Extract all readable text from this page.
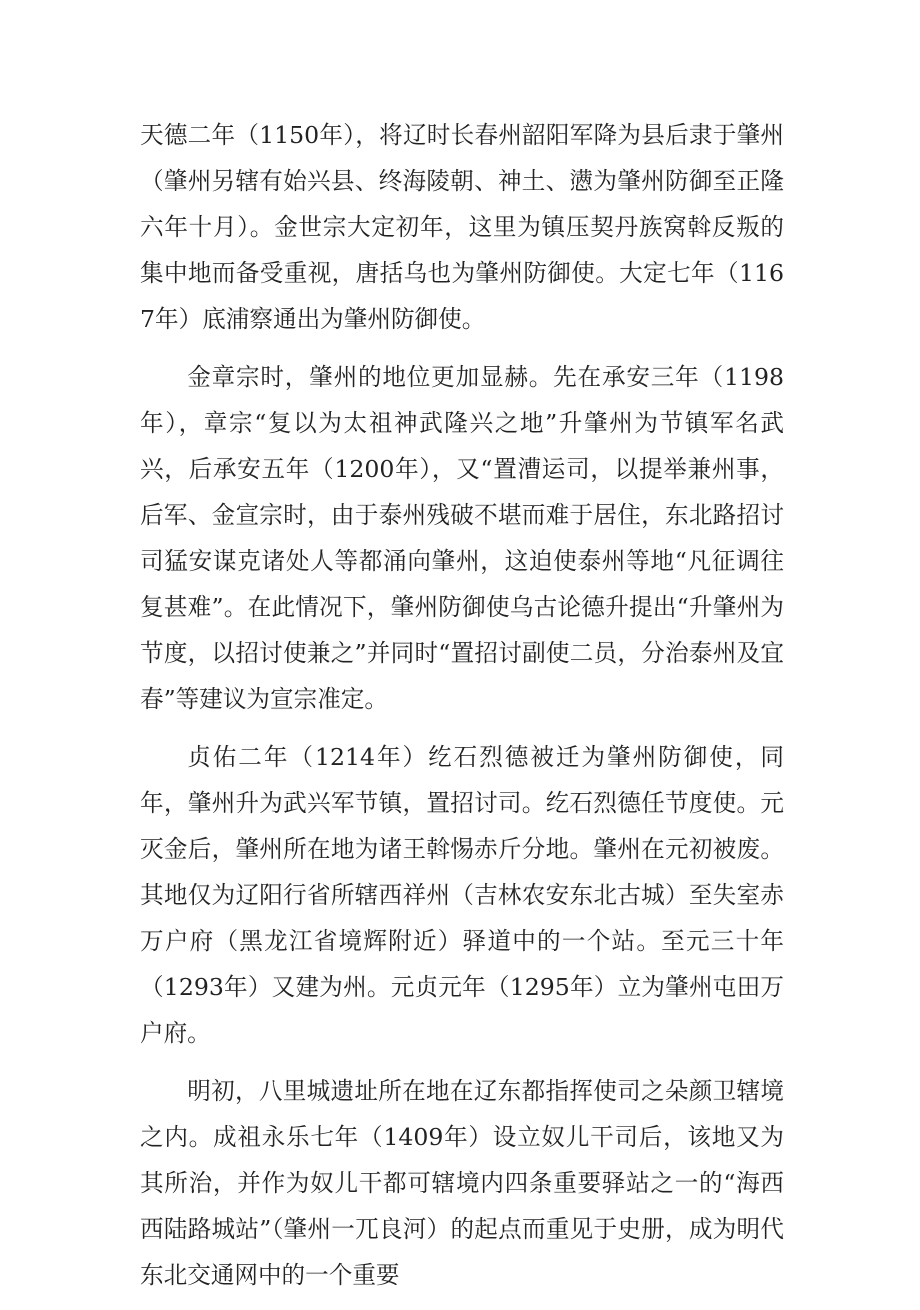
天德二年（1150年），将辽时长春州韶阳军降为县后隶于肇州（肇州另辖有始兴县、终海陵朝、神土、懑为肇州防御至正隆六年十月）。金世宗大定初年，这里为镇压契丹族窝斡反叛的集中地而备受重视，唐括乌也为肇州防御使。大定七年（1167年）底浦察通出为肇州防御使。

金章宗时，肇州的地位更加显赫。先在承安三年（1198年），章宗“复以为太祖神武隆兴之地”升肇州为节镇军名武兴，后承安五年（1200年），又“置漕运司，以提举兼州事，后军、金宣宗时，由于泰州残破不堪而难于居住，东北路招讨司猛安谋克诸处人等都涌向肇州，这迫使泰州等地“凡征调往复甚难”。在此情况下，肇州防御使乌古论德升提出“升肇州为节度，以招讨使兼之”并同时“置招讨副使二员，分治泰州及宜春”等建议为宣宗准定。

贞佑二年（1214年）纥石烈德被迁为肇州防御使，同年，肇州升为武兴军节镇，置招讨司。纥石烈德任节度使。元灭金后，肇州所在地为诸王斡惕赤斤分地。肇州在元初被废。其地仅为辽阳行省所辖西祥州（吉林农安东北古城）至失室赤万户府（黑龙江省境辉附近）驿道中的一个站。至元三十年（1293年）又建为州。元贞元年（1295年）立为肇州屯田万户府。

明初，八里城遗址所在地在辽东都指挥使司之朵颜卫辖境之内。成祖永乐七年（1409年）设立奴儿干司后，该地又为其所治，并作为奴儿干都可辖境内四条重要驿站之一的“海西西陆路城站”（肇州一兀良河）的起点而重见于史册，成为明代东北交通网中的一个重要
